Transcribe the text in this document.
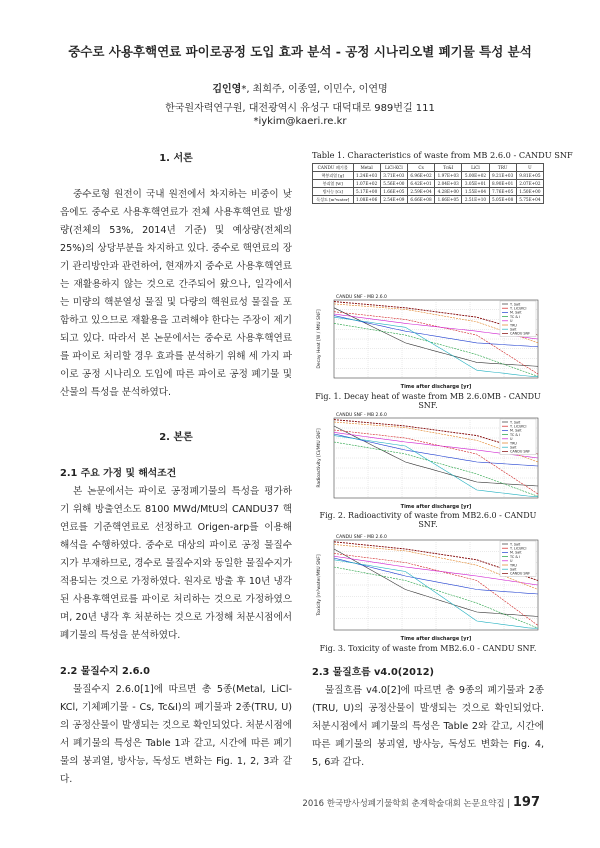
중수로 사용후핵연료 파이로공정 도입 효과 분석 - 공정 시나리오별 폐기물 특성 분석
김인영*, 최희주, 이종열, 이민수, 이연명
한국원자력연구원, 대전광역시 유성구 대덕대로 989번길 111
*iykim@kaeri.re.kr

1. 서론

중수로형 원전이 국내 원전에서 차지하는 비중이 낮음에도 중수로 사용후핵연료가 전체 사용후핵연료 발생량(전체의 53%, 2014년 기준) 및 예상량(전체의 25%)의 상당부분을 차지하고 있다. 중수로 핵연료의 장기 관리방안과 관련하여, 현재까지 중수로 사용후핵연료는 재활용하지 않는 것으로 간주되어 왔으나, 일각에서는 미량의 핵분열성 물질 및 다량의 핵원료성 물질을 포함하고 있으므로 재활용을 고려해야 한다는 주장이 제기되고 있다. 따라서 본 논문에서는 중수로 사용후핵연료를 파이로 처리할 경우 효과를 분석하기 위해 세 가지 파이로 공정 시나리오 도입에 따른 파이로 공정 폐기물 및 산물의 특성을 분석하였다.

2. 본론

2.1 주요 가정 및 해석조건

본 논문에서는 파이로 공정폐기물의 특성을 평가하기 위해 방출연소도 8100 MWd/MtU의 CANDU37 핵연료를 기준핵연료로 선정하고 Origen-arp를 이용해 해석을 수행하였다. 중수로 대상의 파이로 공정 물질수지가 부재하므로, 경수로 물질수지와 동일한 물질수지가 적용되는 것으로 가정하였다. 원자로 방출 후 10년 냉각된 사용후핵연료를 파이로 처리하는 것으로 가정하였으며, 20년 냉각 후 처분하는 것으로 가정해 처분시점에서 폐기물의 특성을 분석하였다.

2.2 물질수지 2.6.0

물질수지 2.6.0[1]에 따르면 총 5종(Metal, LiCl-KCl, 기체폐기물 - Cs, Tc&I)의 폐기물과 2종(TRU, U)의 공정산물이 발생되는 것으로 확인되었다. 처분시점에서 폐기물의 특성은 Table 1과 같고, 시간에 따른 폐기물의 붕괴열, 방사능, 독성도 변화는 Fig. 1, 2, 3과 같다.

Table 1. Characteristics of waste from MB 2.6.0 - CANDU SNF
CANDU 폐기물	Metal	LiCl-KCl	Cs	Tc&I	LiCl	TRU	U
핵붕괴열 [g]	1.24E+03	3.71E+03	6.96E+02	1.97E+03	5.00E+02	9.21E+03	9.81E+05
붕괴열 [W]	1.07E+02	5.56E+00	6.42E+01	2.04E+03	3.05E+01	8.90E+01	2.07E+02
방사능 [Ci]	5.17E+00	1.66E+05	2.59E+04	4.28E+00	1.55E+04	7.76E+05	1.50E+00
독성도 [m³water]	1.08E+06	2.54E+09	6.66E+08	1.66E+05	2.51E+10	5.05E+08	5.75E+04
CANDU SNF - MB 2.6.0
Decay Heat [W / MtU SNF]
Time after discharge [yr]
T. Salt
T. LiCl/KCl
M. Salt
TC & I
U
TRU
Salt
CANDU SNF
Fig. 1. Decay heat of waste from MB 2.6.0MB - CANDU SNF.
CANDU SNF - MB 2.6.0
Radioactivity [Ci/MtU SNF]
Time after discharge [yr]
T. Salt
T. LiCl/KCl
M. Salt
TC & I
U
TRU
Salt
CANDU SNF
Fig. 2. Radioactivity of waste from MB2.6.0 - CANDU SNF.
CANDU SNF - MB 2.6.0
Toxicity [m³water/MtU SNF]
Time after discharge [yr]
T. Salt
T. LiCl/KCl
M. Salt
TC & I
U
TRU
Salt
CANDU SNF
Fig. 3. Toxicity of waste from MB2.6.0 - CANDU SNF.

2.3 물질흐름 v4.0(2012)

물질흐름 v4.0[2]에 따르면 총 9종의 폐기물과 2종(TRU, U)의 공정산물이 발생되는 것으로 확인되었다. 처분시점에서 폐기물의 특성은 Table 2와 같고, 시간에 따른 폐기물의 붕괴열, 방사능, 독성도 변화는 Fig. 4, 5, 6과 같다.

2016 한국방사성폐기물학회 춘계학술대회 논문요약집 | 197
